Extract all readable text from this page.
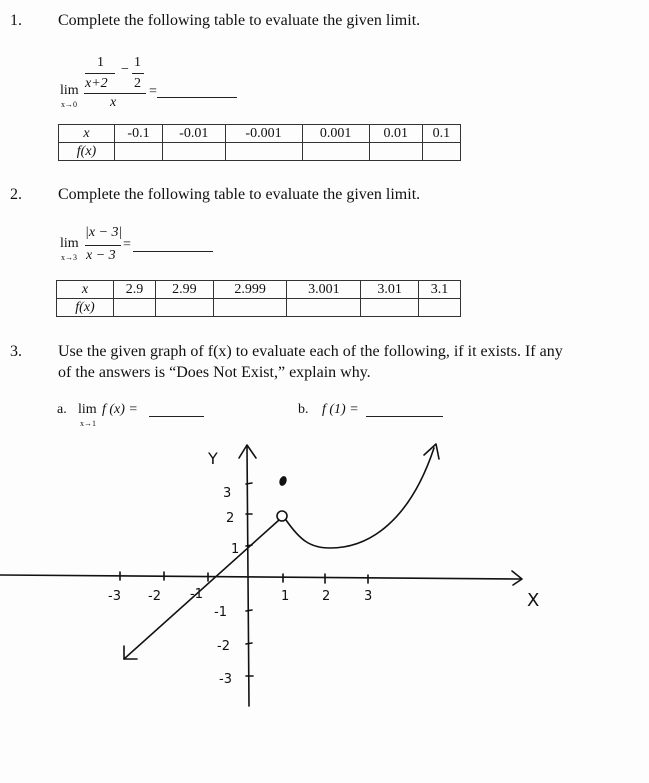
1. Complete the following table to evaluate the given limit.
lim
x→0
1
x+2
− 1
2
x
=
x	-0.1	-0.01	-0.001	0.001	0.01	0.1
f(x)						
2. Complete the following table to evaluate the given limit.
lim
x→3
|x − 3|
x − 3
=
x	2.9	2.99	2.999	3.001	3.01	3.1
f(x)						
3. Use the given graph of f(x) to evaluate each of the following, if it exists. If any
of the answers is “Does Not Exist,” explain why.
a. lim
x→1
f (x) =	b. f (1) =
Y
X
-3 -2 -1	1	2	3
3
2
1
-1
-2
-3
